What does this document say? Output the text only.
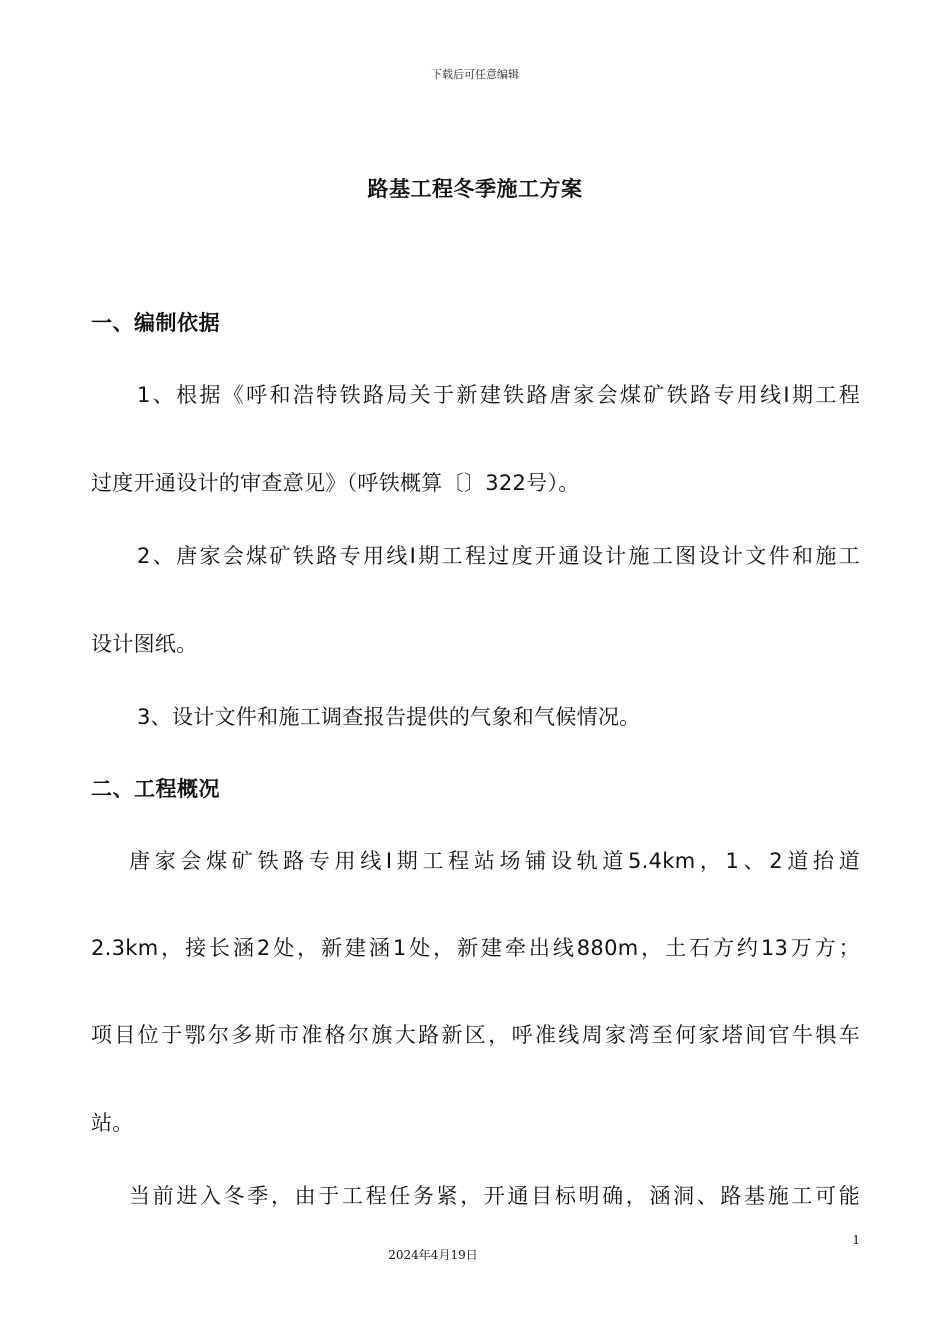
下载后可任意编辑
路基工程冬季施工方案
一、编制依据
1、根据《呼和浩特铁路局关于新建铁路唐家会煤矿铁路专用线Ⅰ期工程
过度开通设计的审查意见》（呼铁概算〔〕322号）。
2、唐家会煤矿铁路专用线Ⅰ期工程过度开通设计施工图设计文件和施工
设计图纸。
3、设计文件和施工调查报告提供的气象和气候情况。
二、工程概况
唐家会煤矿铁路专用线Ⅰ期工程站场铺设轨道5.4km，1、2道抬道
2.3km，接长涵2处，新建涵1处，新建牵出线880m，土石方约13万方；
项目位于鄂尔多斯市准格尔旗大路新区，呼准线周家湾至何家塔间官牛犋车
站。
当前进入冬季，由于工程任务紧，开通目标明确，涵洞、路基施工可能
1
2024年4月19日
